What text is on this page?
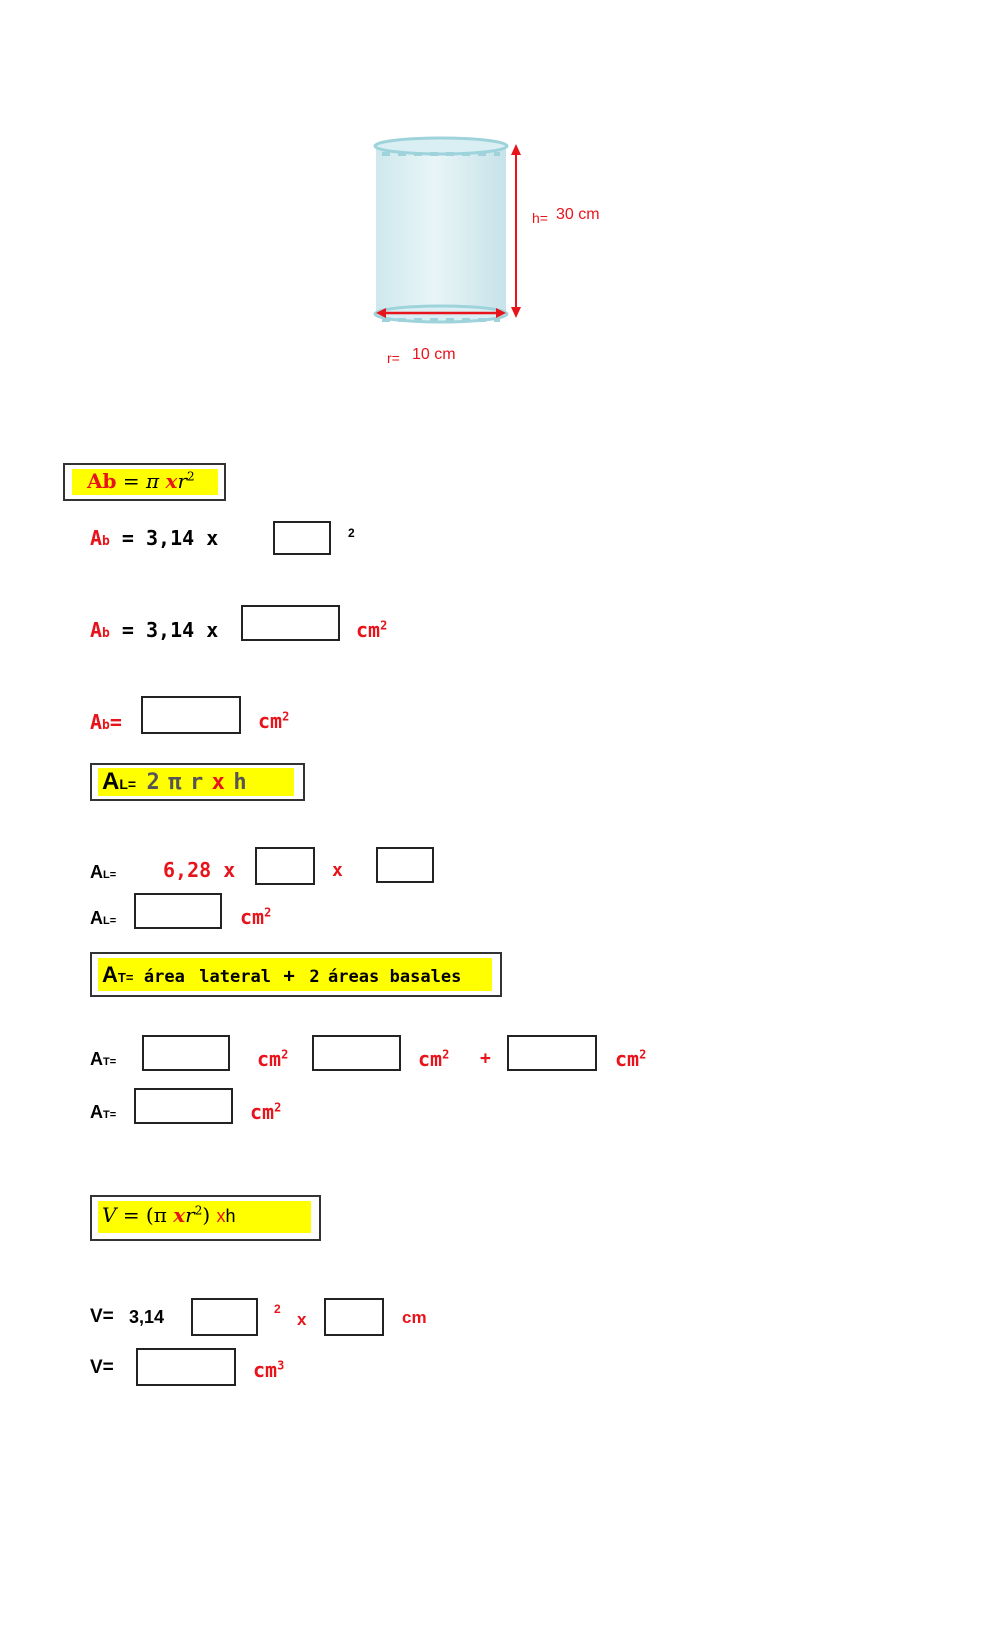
h= 30 cm
r= 10 cm
Ab = π $xr^2$
Ab = 3,14 x	2
Ab = 3,14 x	$cm^2$
Ab=	$cm^2$
AL= 2 π r x h
AL= 6,28 x	x
AL=	$cm^2$
AT= área lateral + 2 áreas basales
AT=	$cm^2$	$cm^2$ +	$cm^2$
AT=	$cm^2$
V = (π $xr^2$) xh
V= 3,14	2
x	cm
V=	$cm^3$
